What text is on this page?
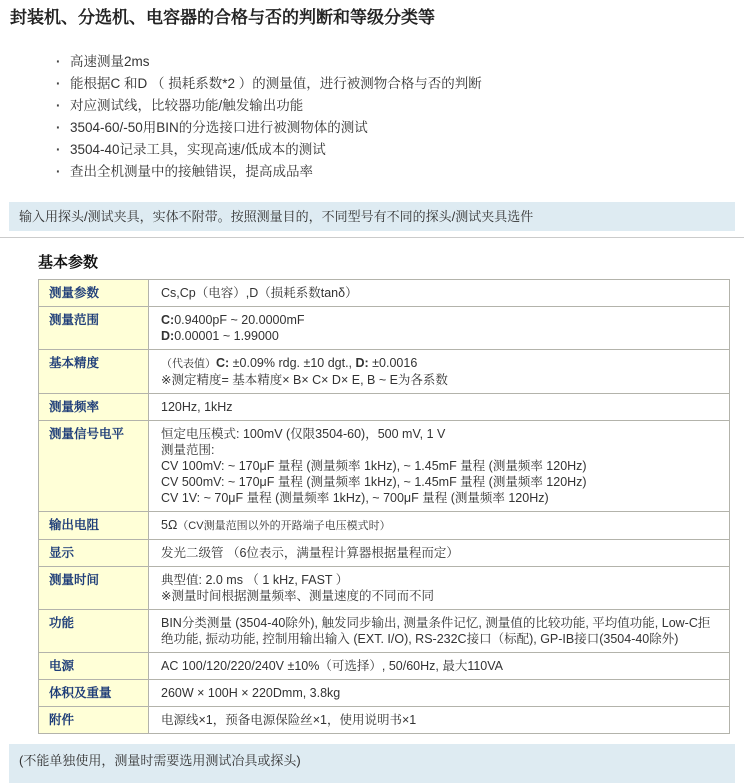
封装机、分选机、电容器的合格与否的判断和等级分类等
· 高速测量2ms
· 能根据C 和D （ 损耗系数*2 ）的测量值，进行被测物合格与否的判断
· 对应测试线，比较器功能/触发输出功能
· 3504-60/-50用BIN的分选接口进行被测物体的测试
· 3504-40记录工具，实现高速/低成本的测试
· 查出全机测量中的接触错误，提高成品率
输入用探头/测试夹具，实体不附带。按照测量目的，不同型号有不同的探头/测试夹具选件
基本参数
测量参数	Cs,Cp（电容）,D（损耗系数tanδ）

测量范围	C:0.9400pF ~ 20.0000mF
D:0.00001 ~ 1.99000

基本精度	（代表值）C: ±0.09% rdg. ±10 dgt., D: ±0.0016
※测定精度= 基本精度× B× C× D× E, B ~ E为各系数

测量频率	120Hz, 1kHz

测量信号电平	恒定电压模式: 100mV (仅限3504-60)，500 mV, 1 V
测量范围:
CV 100mV: ~ 170μF 量程 (测量频率 1kHz), ~ 1.45mF 量程 (测量频率 120Hz)
CV 500mV: ~ 170μF 量程 (测量频率 1kHz), ~ 1.45mF 量程 (测量频率 120Hz)
CV 1V: ~ 70μF 量程 (测量频率 1kHz), ~ 700μF 量程 (测量频率 120Hz)

输出电阻	5Ω（CV测量范围以外的开路端子电压模式时）

显示	发光二级管 （6位表示，满量程计算器根据量程而定）

测量时间	典型值: 2.0 ms （ 1 kHz, FAST ）
※测量时间根据测量频率、测量速度的不同而不同

功能	BIN分类测量 (3504-40除外), 触发同步输出, 测量条件记忆, 测量值的比较功能, 平均值功能, Low-C拒绝功能, 振动功能, 控制用输出输入 (EXT. I/O), RS-232C接口（标配), GP-IB接口(3504-40除外)

电源	AC 100/120/220/240V ±10%（可选择）, 50/60Hz, 最大110VA

体积及重量	260W × 100H × 220Dmm, 3.8kg

附件	电源线×1，预备电源保险丝×1，使用说明书×1
(不能单独使用，测量时需要选用测试冶具或探头)
